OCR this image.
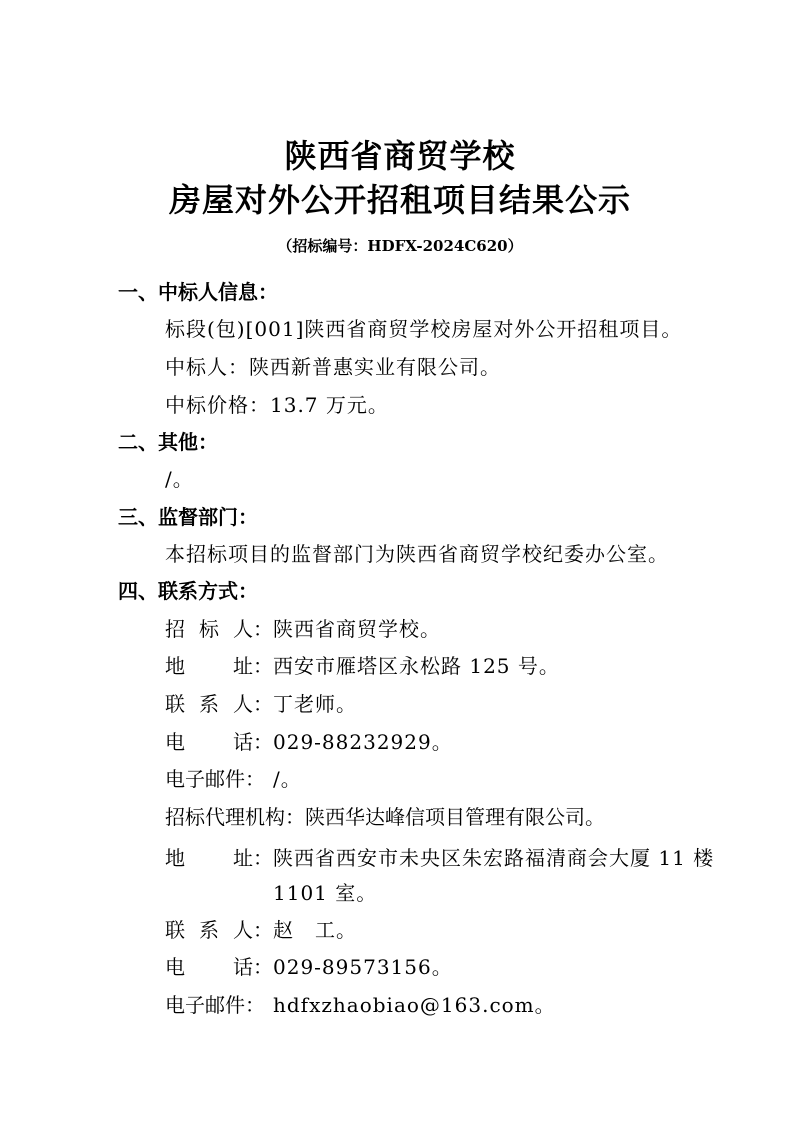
陕西省商贸学校
房屋对外公开招租项目结果公示
（招标编号：HDFX-2024C620）
一、中标人信息：
标段(包)[001]陕西省商贸学校房屋对外公开招租项目。
中标人：陕西新普惠实业有限公司。
中标价格：13.7 万元。
二、其他：
/。
三、监督部门：
本招标项目的监督部门为陕西省商贸学校纪委办公室。
四、联系方式：
招 标 人： 陕西省商贸学校。
地 址： 西安市雁塔区永松路 125 号。
联 系 人： 丁老师。
电 话： 029-88232929。
电子邮件： /。
招标代理机构：陕西华达峰信项目管理有限公司。
地 址： 陕西省西安市未央区朱宏路福清商会大厦 11 楼
1101 室。
联 系 人： 赵　工。
电 话： 029-89573156。
电子邮件： hdfxzhaobiao@163.com。
